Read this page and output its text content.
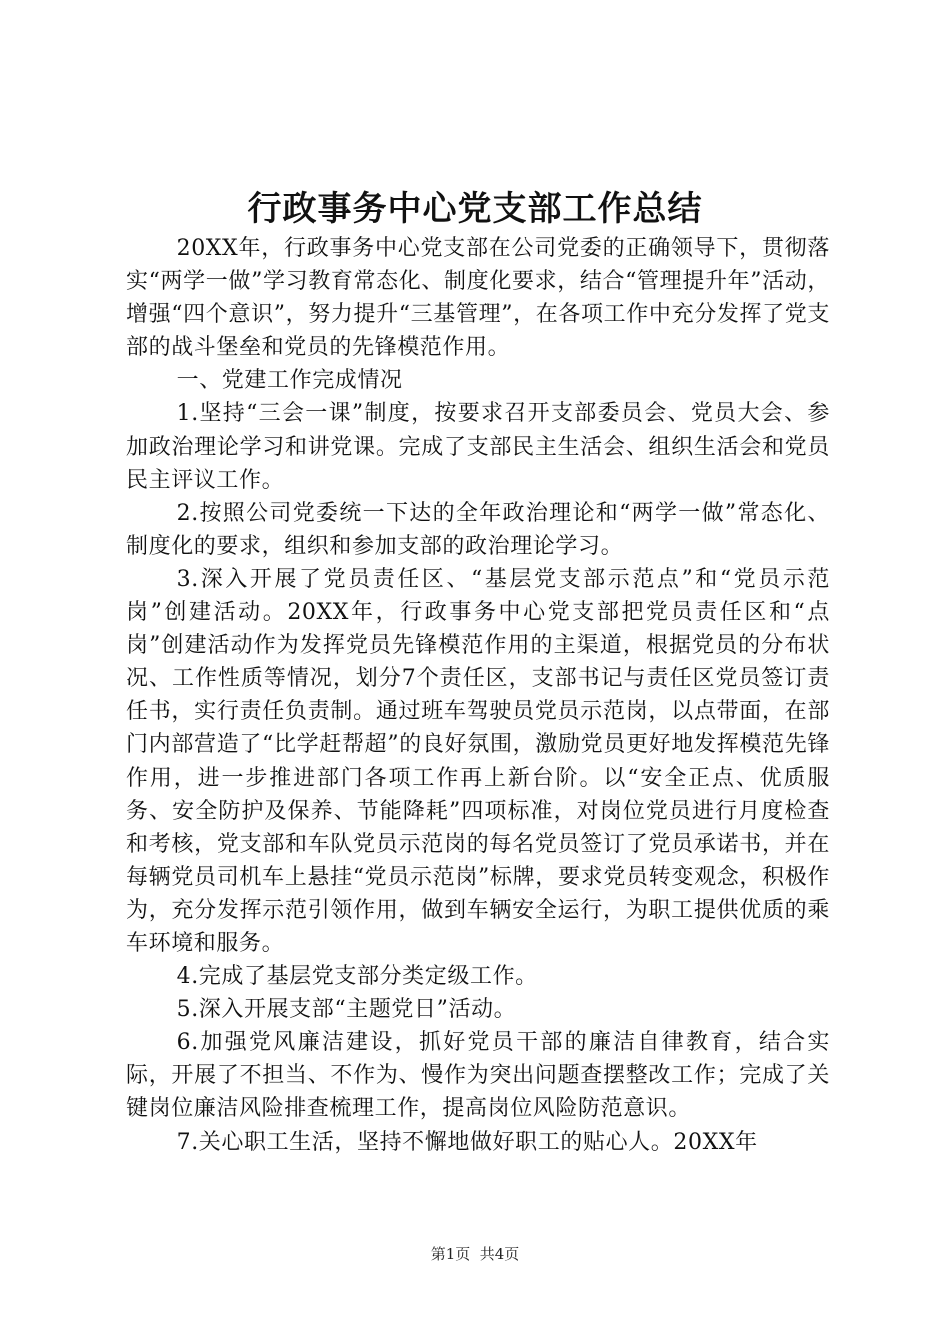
行政事务中心党支部工作总结

20XX年，行政事务中心党支部在公司党委的正确领导下，贯彻落实“两学一做”学习教育常态化、制度化要求，结合“管理提升年”活动，增强“四个意识”，努力提升“三基管理”，在各项工作中充分发挥了党支部的战斗堡垒和党员的先锋模范作用。

一、党建工作完成情况

1.坚持“三会一课”制度，按要求召开支部委员会、党员大会、参加政治理论学习和讲党课。完成了支部民主生活会、组织生活会和党员民主评议工作。

2.按照公司党委统一下达的全年政治理论和“两学一做”常态化、制度化的要求，组织和参加支部的政治理论学习。

3.深入开展了党员责任区、“基层党支部示范点”和“党员示范岗”创建活动。20XX年，行政事务中心党支部把党员责任区和“点岗”创建活动作为发挥党员先锋模范作用的主渠道，根据党员的分布状况、工作性质等情况，划分7个责任区，支部书记与责任区党员签订责任书，实行责任负责制。通过班车驾驶员党员示范岗，以点带面，在部门内部营造了“比学赶帮超”的良好氛围，激励党员更好地发挥模范先锋作用，进一步推进部门各项工作再上新台阶。以“安全正点、优质服务、安全防护及保养、节能降耗”四项标准，对岗位党员进行月度检查和考核，党支部和车队党员示范岗的每名党员签订了党员承诺书，并在每辆党员司机车上悬挂“党员示范岗”标牌，要求党员转变观念，积极作为，充分发挥示范引领作用，做到车辆安全运行，为职工提供优质的乘车环境和服务。

4.完成了基层党支部分类定级工作。

5.深入开展支部“主题党日”活动。

6.加强党风廉洁建设，抓好党员干部的廉洁自律教育，结合实际，开展了不担当、不作为、慢作为突出问题查摆整改工作；完成了关键岗位廉洁风险排查梳理工作，提高岗位风险防范意识。

7.关心职工生活，坚持不懈地做好职工的贴心人。20XX年

第1页  共4页
